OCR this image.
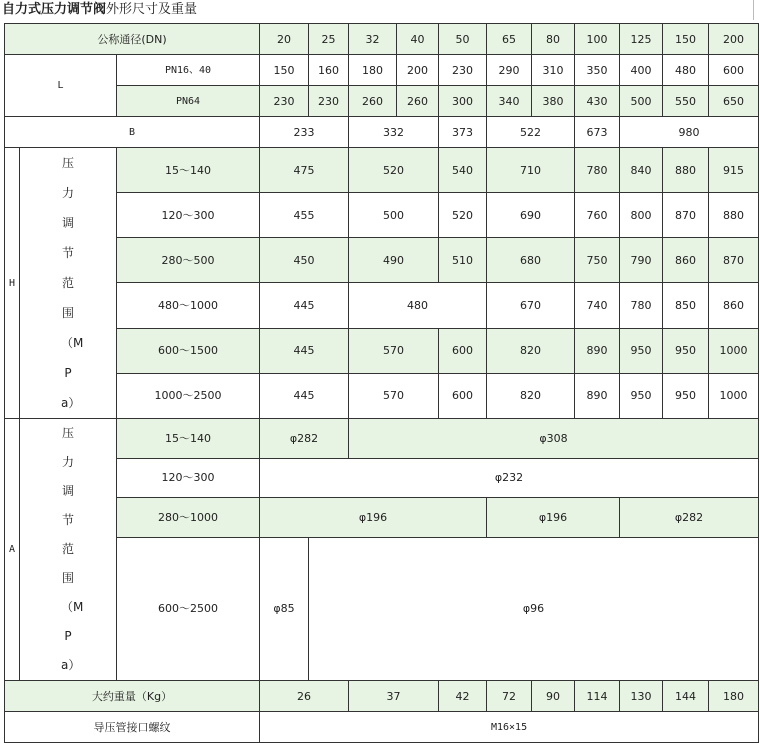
自力式压力调节阀外形尺寸及重量
公称通径(DN)			20	25	32	40	50	65	80	100	125	150	200	
L		PN16、40	150	160	180	200	230	290	310	350	400	480	600	
		PN64	230	230	260	260	300	340	380	430	500	550	650	
B			233		332		373	522		673	980	
H	压力调节范围（MPa）	15～140	475		520		540	710		780	840	880	915	
		120～300	455		500		520	690		760	800	870	880	
		280～500	450		490		510	680		750	790	860	870	
		480～1000	445		480			670		740	780	850	860	
		600～1500	445		570		600	820		890	950	950	1000	
		1000～2500	445		570		600	820		890	950	950	1000	
A	压力调节范围（MPa）	15～140	φ282		φ308									
		120～300	φ232											
		280～1000	φ196					φ196			φ282			
		600～2500	φ85	φ96										
大约重量（Kg）			26		37		42	72	90	114	130	144	180	
导压管接口螺纹			M16×15											
